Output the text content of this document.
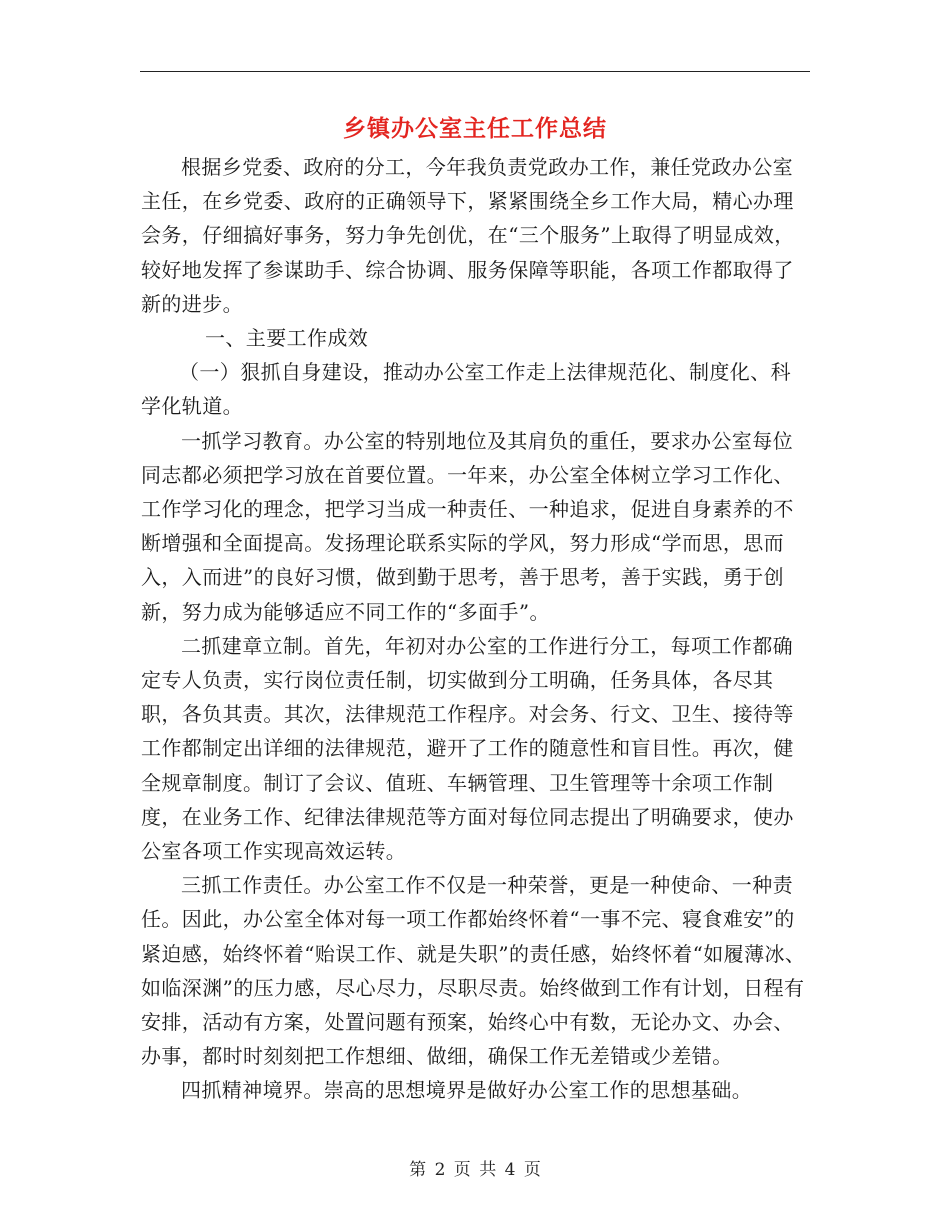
乡镇办公室主任工作总结

根据乡党委、政府的分工，今年我负责党政办工作，兼任党政办公室主任，在乡党委、政府的正确领导下，紧紧围绕全乡工作大局，精心办理会务，仔细搞好事务，努力争先创优，在“三个服务”上取得了明显成效，较好地发挥了参谋助手、综合协调、服务保障等职能，各项工作都取得了新的进步。

一、主要工作成效

（一）狠抓自身建设，推动办公室工作走上法律规范化、制度化、科学化轨道。

一抓学习教育。办公室的特别地位及其肩负的重任，要求办公室每位同志都必须把学习放在首要位置。一年来，办公室全体树立学习工作化、工作学习化的理念，把学习当成一种责任、一种追求，促进自身素养的不断增强和全面提高。发扬理论联系实际的学风，努力形成“学而思，思而入，入而进”的良好习惯，做到勤于思考，善于思考，善于实践，勇于创新，努力成为能够适应不同工作的“多面手”。

二抓建章立制。首先，年初对办公室的工作进行分工，每项工作都确定专人负责，实行岗位责任制，切实做到分工明确，任务具体，各尽其职，各负其责。其次，法律规范工作程序。对会务、行文、卫生、接待等工作都制定出详细的法律规范，避开了工作的随意性和盲目性。再次，健全规章制度。制订了会议、值班、车辆管理、卫生管理等十余项工作制度，在业务工作、纪律法律规范等方面对每位同志提出了明确要求，使办公室各项工作实现高效运转。

三抓工作责任。办公室工作不仅是一种荣誉，更是一种使命、一种责任。因此，办公室全体对每一项工作都始终怀着“一事不完、寝食难安”的紧迫感，始终怀着“贻误工作、就是失职”的责任感，始终怀着“如履薄冰、如临深渊”的压力感，尽心尽力，尽职尽责。始终做到工作有计划，日程有安排，活动有方案，处置问题有预案，始终心中有数，无论办文、办会、办事，都时时刻刻把工作想细、做细，确保工作无差错或少差错。

四抓精神境界。崇高的思想境界是做好办公室工作的思想基础。

第 2 页 共 4 页
